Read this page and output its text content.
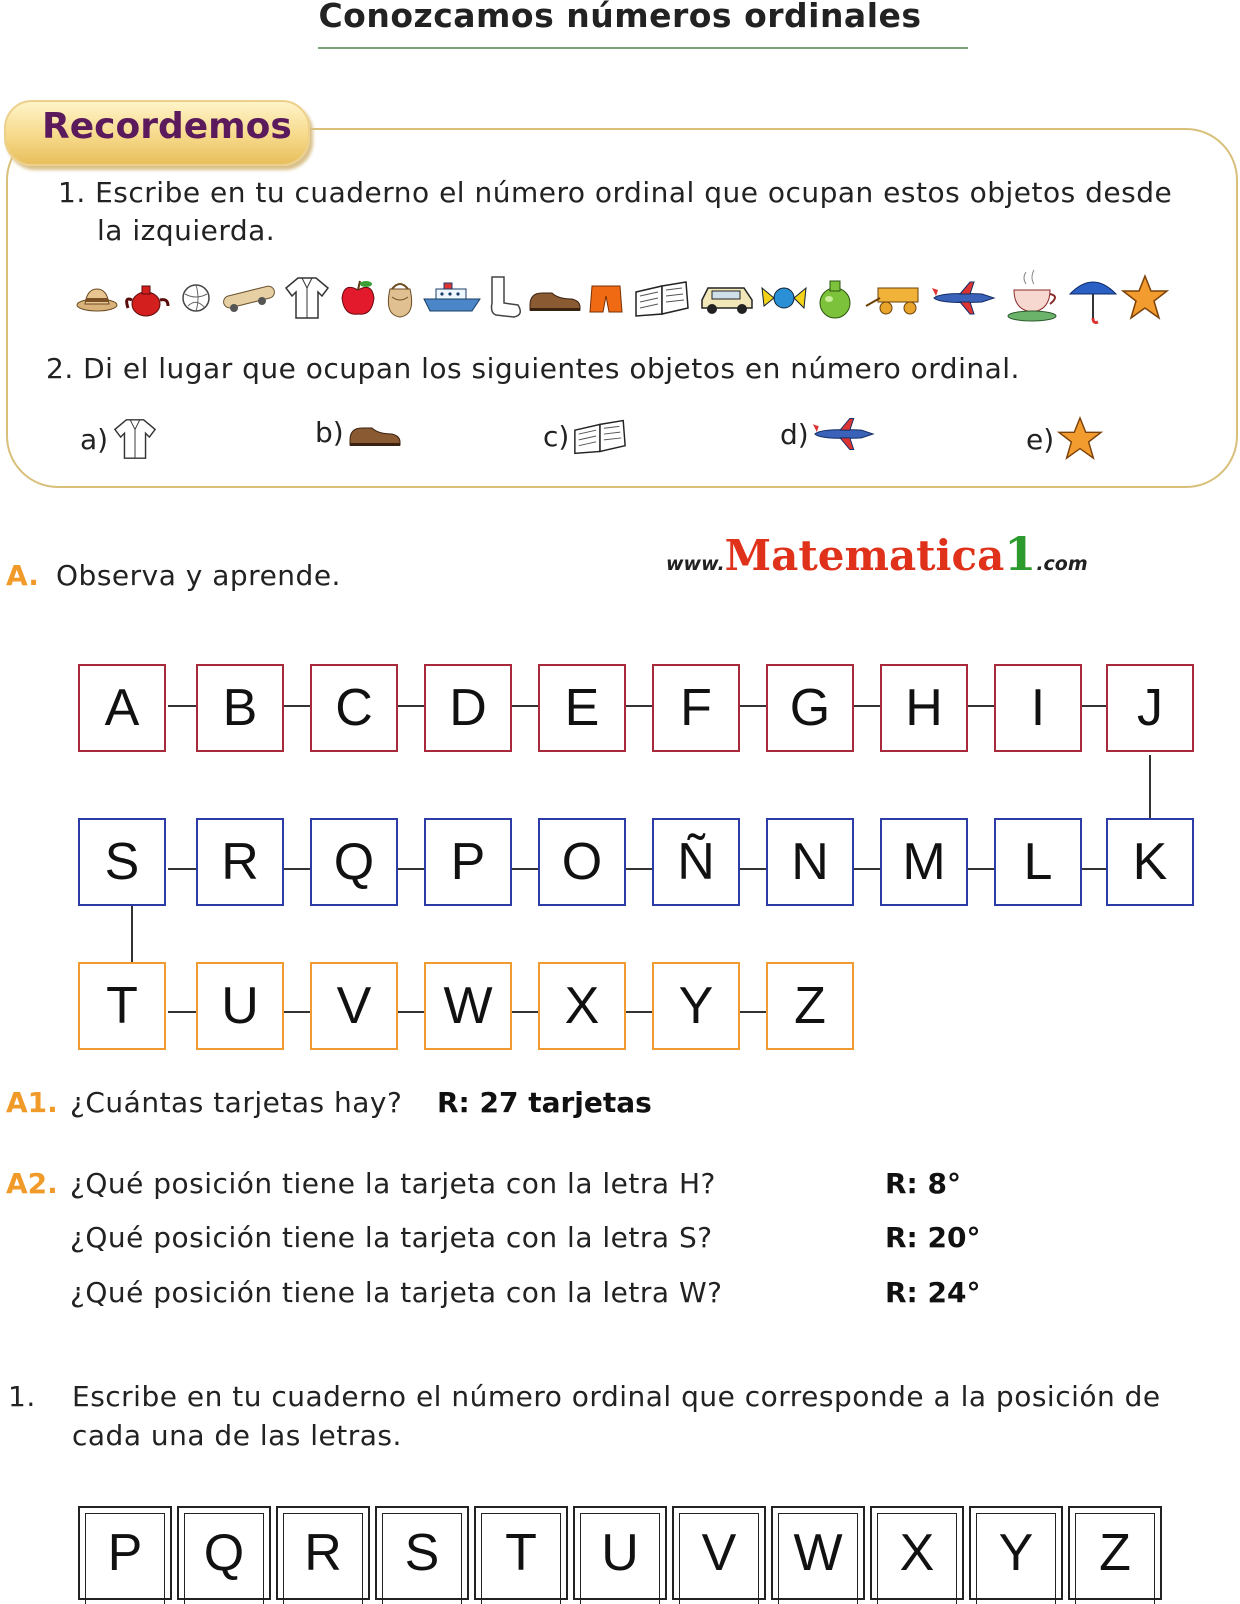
Conozcamos números ordinales
Recordemos
1. Escribe en tu cuaderno el número ordinal que ocupan estos objetos desde
la izquierda.
2. Di el lugar que ocupan los siguientes objetos en número ordinal.
a)	b)	c)	d)	e)
www.Matematica1.com
A. Observa y aprende.
A	B	C	D	E	F	G	H	I	J
S	R	Q	P	O	Ñ	N	M	L	K
T	U	V	W	X	Y	Z
A1. ¿Cuántas tarjetas hay? R: 27 tarjetas
A2. ¿Qué posición tiene la tarjeta con la letra H?	R: 8°
¿Qué posición tiene la tarjeta con la letra S?	R: 20°
¿Qué posición tiene la tarjeta con la letra W?	R: 24°
1. Escribe en tu cuaderno el número ordinal que corresponde a la posición de
cada una de las letras.
P	Q	R	S	T	U	V	W	X	Y	Z
